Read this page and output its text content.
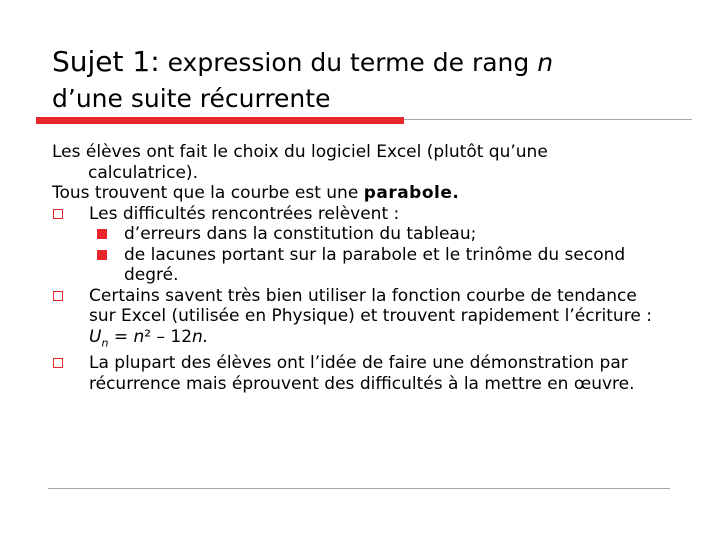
Sujet 1: expression du terme de rang n
d’une suite récurrente

Les élèves ont fait le choix du logiciel Excel (plutôt qu’une calculatrice).

Tous trouvent que la courbe est une parabole.

Les difficultés rencontrées relèvent :
d’erreurs dans la constitution du tableau;
de lacunes portant sur la parabole et le trinôme du second degré.
Certains savent très bien utiliser la fonction courbe de tendance sur Excel (utilisée en Physique) et trouvent rapidement l’écriture : $U_n = n^2 - 12n$.
La plupart des élèves ont l’idée de faire une démonstration par récurrence mais éprouvent des difficultés à la mettre en œuvre.
